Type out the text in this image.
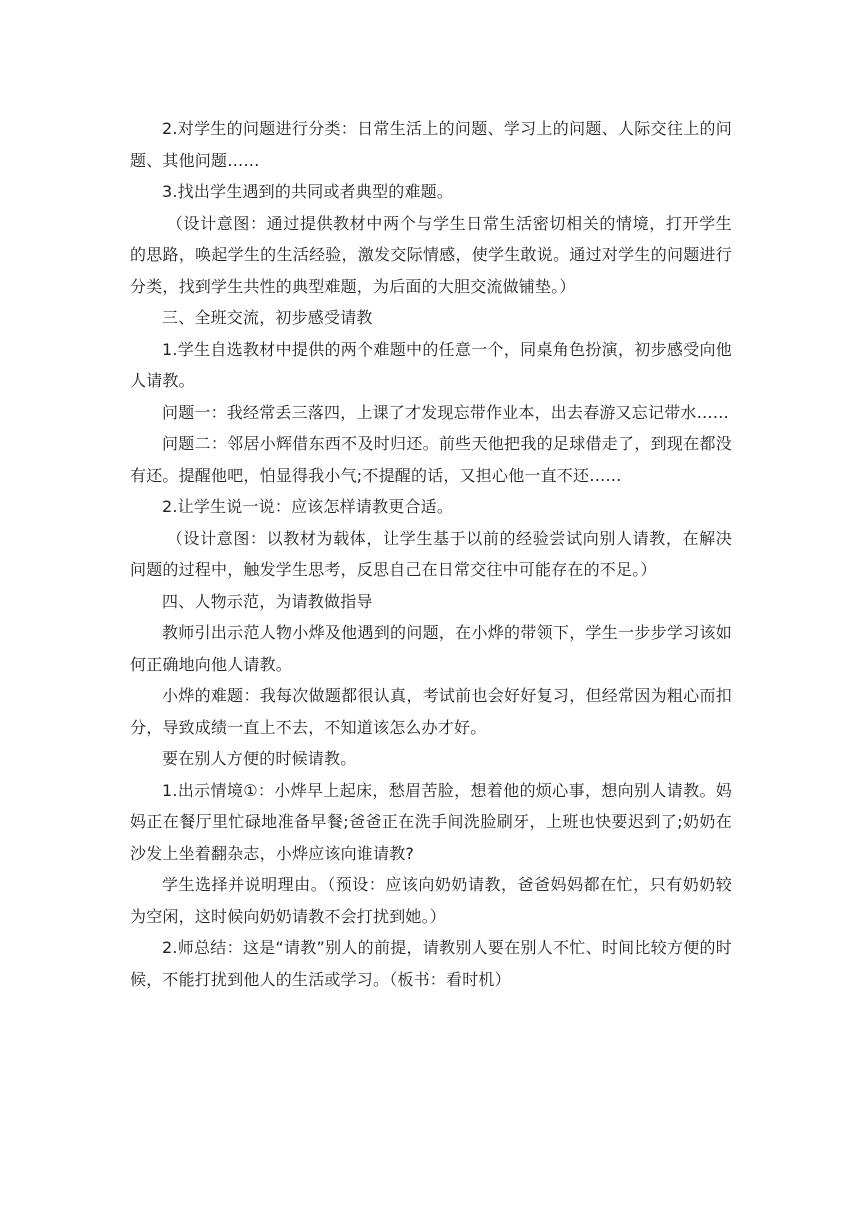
2.对学生的问题进行分类：日常生活上的问题、学习上的问题、人际交往上的问题、其他问题……

3.找出学生遇到的共同或者典型的难题。

（设计意图：通过提供教材中两个与学生日常生活密切相关的情境，打开学生的思路，唤起学生的生活经验，激发交际情感，使学生敢说。通过对学生的问题进行分类，找到学生共性的典型难题，为后面的大胆交流做铺垫。）

三、全班交流，初步感受请教

1.学生自选教材中提供的两个难题中的任意一个，同桌角色扮演，初步感受向他人请教。

问题一：我经常丢三落四，上课了才发现忘带作业本，出去春游又忘记带水……

问题二：邻居小辉借东西不及时归还。前些天他把我的足球借走了，到现在都没有还。提醒他吧，怕显得我小气;不提醒的话，又担心他一直不还……

2.让学生说一说：应该怎样请教更合适。

（设计意图：以教材为载体，让学生基于以前的经验尝试向别人请教，在解决问题的过程中，触发学生思考，反思自己在日常交往中可能存在的不足。）

四、人物示范，为请教做指导

教师引出示范人物小烨及他遇到的问题，在小烨的带领下，学生一步步学习该如何正确地向他人请教。

小烨的难题：我每次做题都很认真，考试前也会好好复习，但经常因为粗心而扣分，导致成绩一直上不去，不知道该怎么办才好。

要在别人方便的时候请教。

1.出示情境①：小烨早上起床，愁眉苦脸，想着他的烦心事，想向别人请教。妈妈正在餐厅里忙碌地准备早餐;爸爸正在洗手间洗脸刷牙，上班也快要迟到了;奶奶在沙发上坐着翻杂志，小烨应该向谁请教?

学生选择并说明理由。（预设：应该向奶奶请教，爸爸妈妈都在忙，只有奶奶较为空闲，这时候向奶奶请教不会打扰到她。）

2.师总结：这是“请教”别人的前提，请教别人要在别人不忙、时间比较方便的时候，不能打扰到他人的生活或学习。（板书：看时机）
